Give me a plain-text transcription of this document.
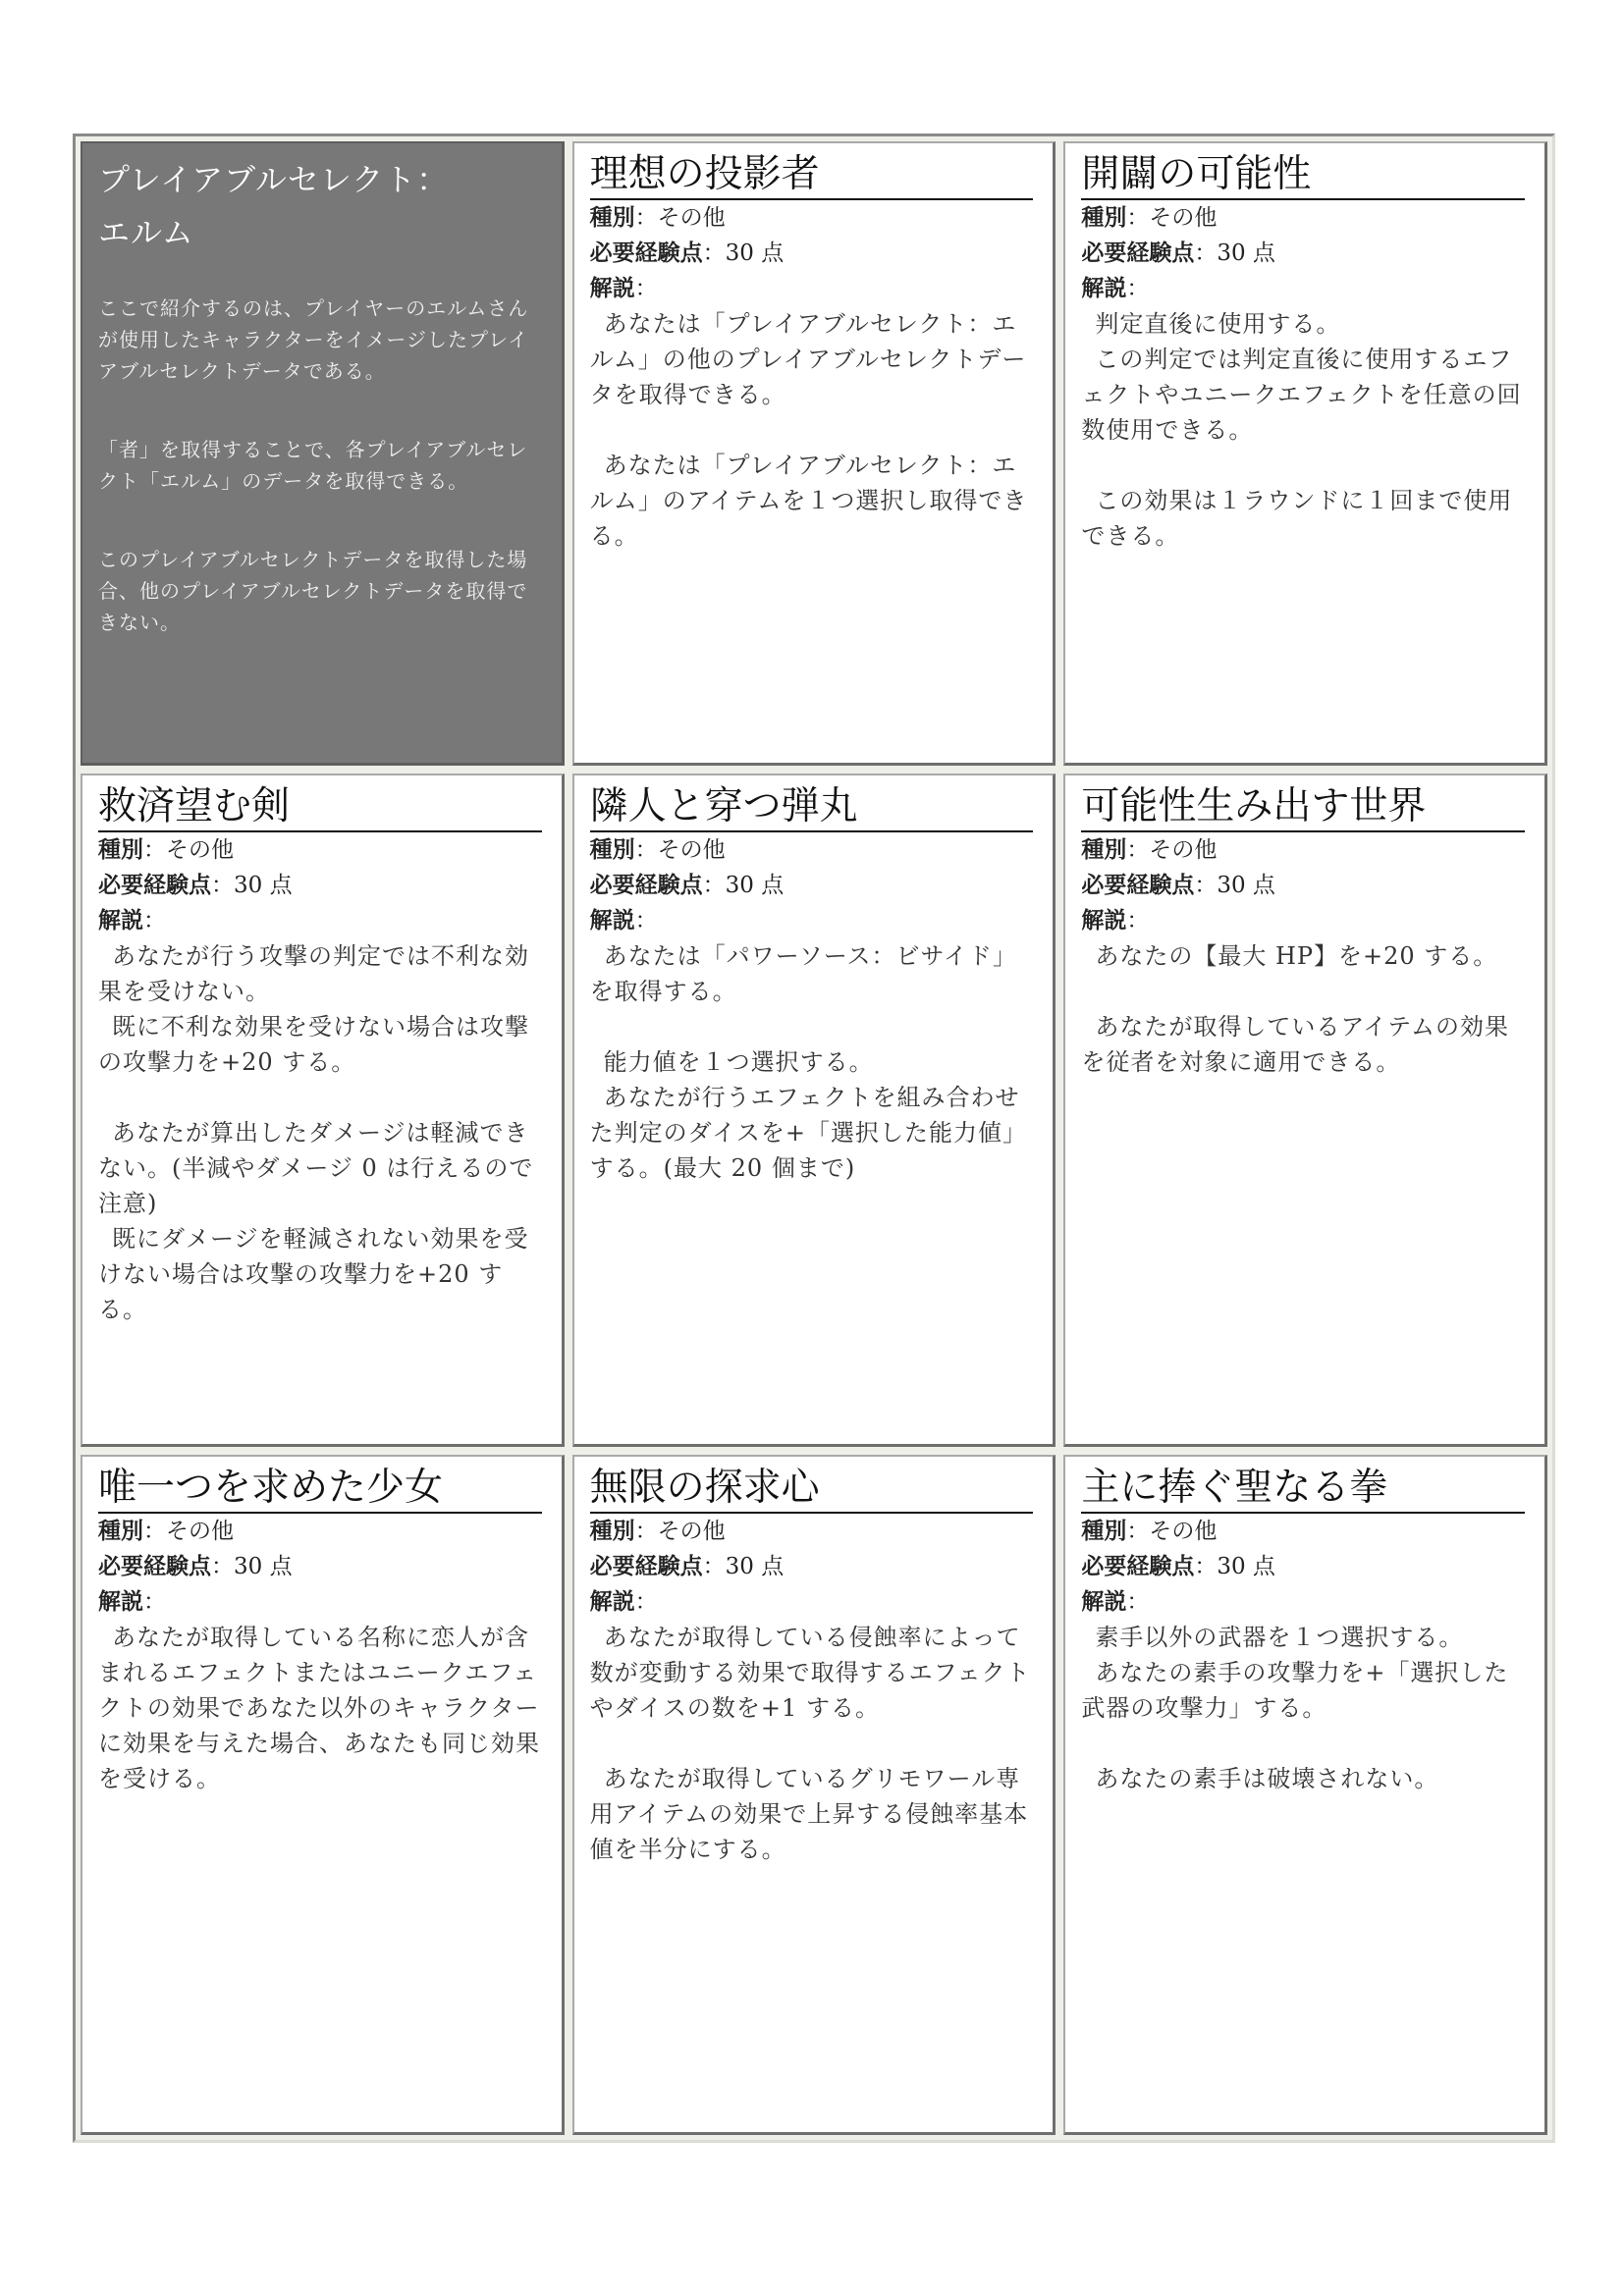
プレイアブルセレクト：
エルム

ここで紹介するのは、プレイヤーのエルムさんが使用したキャラクターをイメージしたプレイアブルセレクトデータである。

「者」を取得することで、各プレイアブルセレクト「エルム」のデータを取得できる。

このプレイアブルセレクトデータを取得した場合、他のプレイアブルセレクトデータを取得できない。

理想の投影者

種別：その他

必要経験点：30 点

解説：

あなたは「プレイアブルセレクト：エルム」の他のプレイアブルセレクトデータを取得できる。

あなたは「プレイアブルセレクト：エルム」のアイテムを１つ選択し取得できる。

開闢の可能性

種別：その他

必要経験点：30 点

解説：

判定直後に使用する。

この判定では判定直後に使用するエフェクトやユニークエフェクトを任意の回数使用できる。

この効果は１ラウンドに１回まで使用できる。

救済望む剣

種別：その他

必要経験点：30 点

解説：

あなたが行う攻撃の判定では不利な効果を受けない。

既に不利な効果を受けない場合は攻撃の攻撃力を+20 する。

あなたが算出したダメージは軽減できない。(半減やダメージ 0 は行えるので注意)

既にダメージを軽減されない効果を受けない場合は攻撃の攻撃力を+20 する。

隣人と穿つ弾丸

種別：その他

必要経験点：30 点

解説：

あなたは「パワーソース：ビサイド」を取得する。

能力値を１つ選択する。

あなたが行うエフェクトを組み合わせた判定のダイスを+「選択した能力値」する。(最大 20 個まで)

可能性生み出す世界

種別：その他

必要経験点：30 点

解説：

あなたの【最大 HP】を+20 する。

あなたが取得しているアイテムの効果を従者を対象に適用できる。

唯一つを求めた少女

種別：その他

必要経験点：30 点

解説：

あなたが取得している名称に恋人が含まれるエフェクトまたはユニークエフェクトの効果であなた以外のキャラクターに効果を与えた場合、あなたも同じ効果を受ける。

無限の探求心

種別：その他

必要経験点：30 点

解説：

あなたが取得している侵蝕率によって数が変動する効果で取得するエフェクトやダイスの数を+1 する。

あなたが取得しているグリモワール専用アイテムの効果で上昇する侵蝕率基本値を半分にする。

主に捧ぐ聖なる拳

種別：その他

必要経験点：30 点

解説：

素手以外の武器を１つ選択する。

あなたの素手の攻撃力を+「選択した武器の攻撃力」する。

あなたの素手は破壊されない。
